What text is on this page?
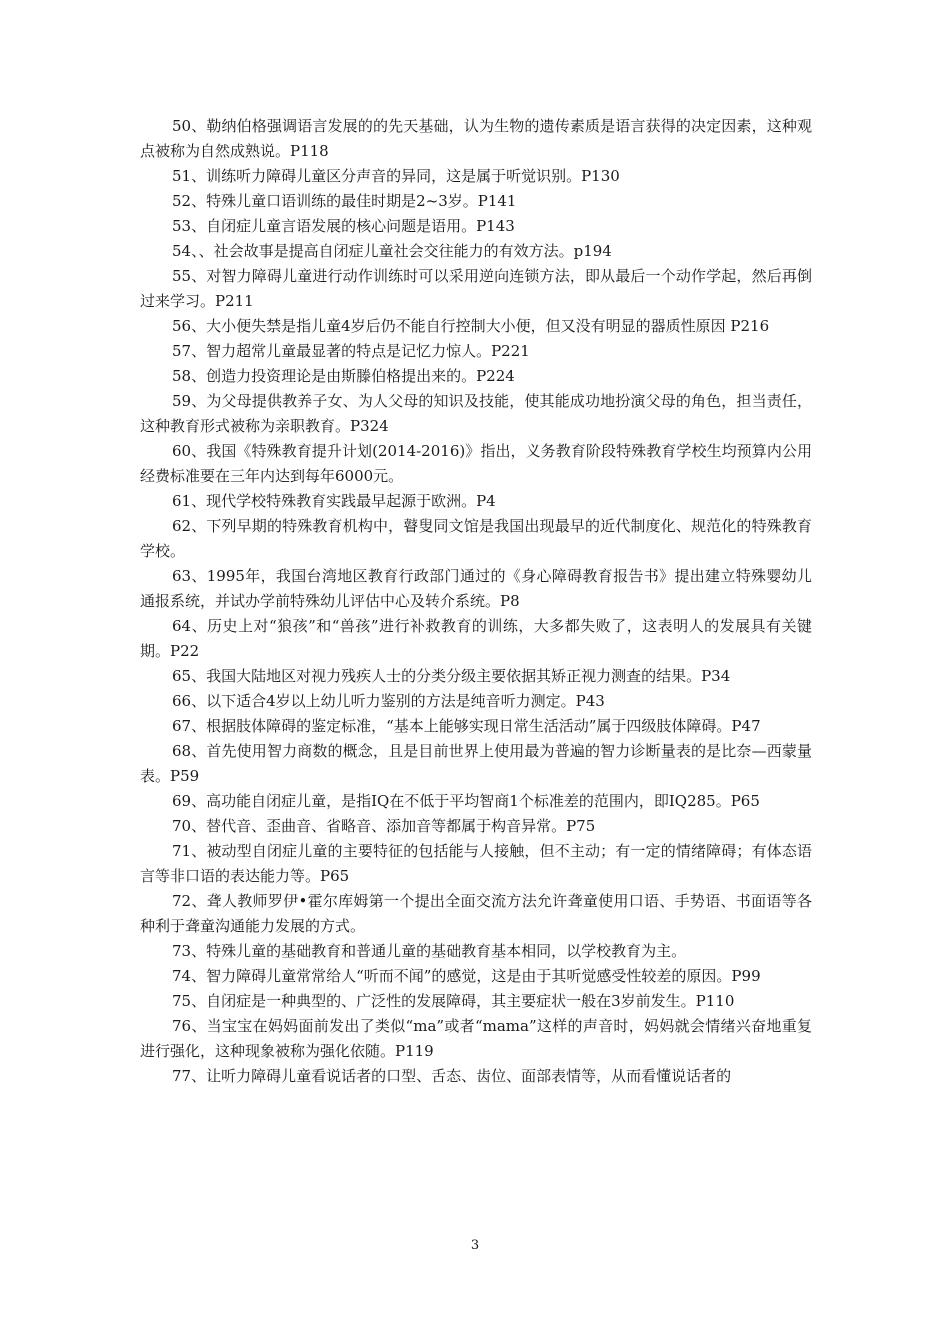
50、勒纳伯格强调语言发展的的先天基础，认为生物的遗传素质是语言获得的决定因素，这种观点被称为自然成熟说。P118

51、训练听力障碍儿童区分声音的异同，这是属于听觉识别。P130

52、特殊儿童口语训练的最佳时期是2~3岁。P141

53、自闭症儿童言语发展的核心问题是语用。P143

54、、社会故事是提高自闭症儿童社会交往能力的有效方法。p194

55、对智力障碍儿童进行动作训练时可以采用逆向连锁方法，即从最后一个动作学起，然后再倒过来学习。P211

56、大小便失禁是指儿童4岁后仍不能自行控制大小便，但又没有明显的器质性原因 P216

57、智力超常儿童最显著的特点是记忆力惊人。P221

58、创造力投资理论是由斯滕伯格提出来的。P224

59、为父母提供教养子女、为人父母的知识及技能，使其能成功地扮演父母的角色，担当责任，这种教育形式被称为亲职教育。P324

60、我国《特殊教育提升计划(2014-2016)》指出，义务教育阶段特殊教育学校生均预算内公用经费标准要在三年内达到每年6000元。

61、现代学校特殊教育实践最早起源于欧洲。P4

62、下列早期的特殊教育机构中，瞽叟同文馆是我国出现最早的近代制度化、规范化的特殊教育学校。

63、1995年，我国台湾地区教育行政部门通过的《身心障碍教育报告书》提出建立特殊婴幼儿通报系统，并试办学前特殊幼儿评估中心及转介系统。P8

64、历史上对“狼孩”和“兽孩”进行补救教育的训练，大多都失败了，这表明人的发展具有关键期。P22

65、我国大陆地区对视力残疾人士的分类分级主要依据其矫正视力测查的结果。P34

66、以下适合4岁以上幼儿听力鉴别的方法是纯音听力测定。P43

67、根据肢体障碍的鉴定标准，“基本上能够实现日常生活活动”属于四级肢体障碍。P47

68、首先使用智力商数的概念，且是目前世界上使用最为普遍的智力诊断量表的是比奈—西蒙量表。P59

69、高功能自闭症儿童，是指IQ在不低于平均智商1个标准差的范围内，即IQ285。P65

70、替代音、歪曲音、省略音、添加音等都属于构音异常。P75

71、被动型自闭症儿童的主要特征的包括能与人接触，但不主动；有一定的情绪障碍；有体态语言等非口语的表达能力等。P65

72、聋人教师罗伊•霍尔库姆第一个提出全面交流方法允许聋童使用口语、手势语、书面语等各种利于聋童沟通能力发展的方式。

73、特殊儿童的基础教育和普通儿童的基础教育基本相同，以学校教育为主。

74、智力障碍儿童常常给人“听而不闻”的感觉，这是由于其听觉感受性较差的原因。P99

75、自闭症是一种典型的、广泛性的发展障碍，其主要症状一般在3岁前发生。P110

76、当宝宝在妈妈面前发出了类似“ma”或者“mama”这样的声音时，妈妈就会情绪兴奋地重复进行强化，这种现象被称为强化依随。P119

77、让听力障碍儿童看说话者的口型、舌态、齿位、面部表情等，从而看懂说话者的

3
